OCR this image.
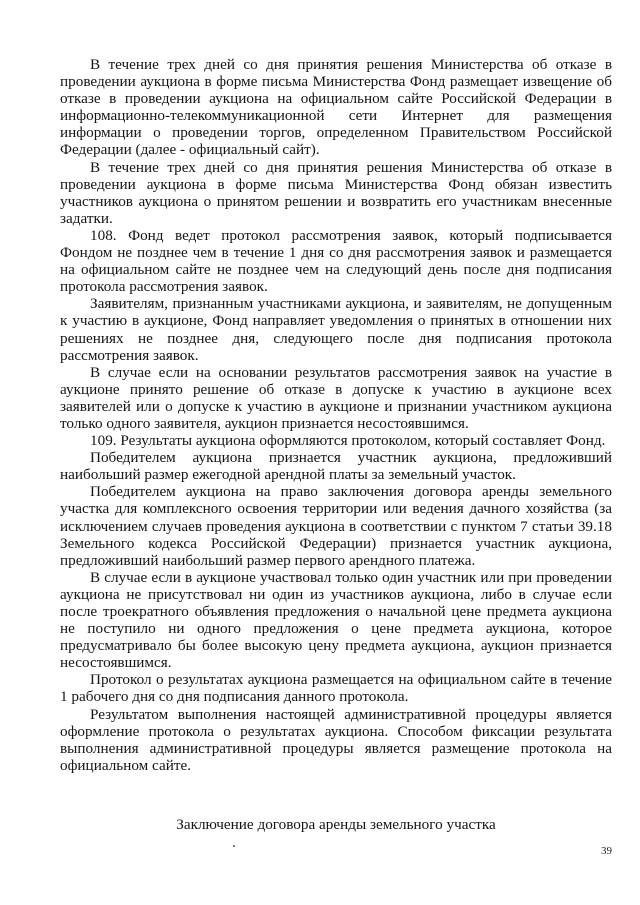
В течение трех дней со дня принятия решения Министерства об отказе в проведении аукциона в форме письма Министерства Фонд размещает извещение об отказе в проведении аукциона на официальном сайте Российской Федерации в информационно-телекоммуникационной сети Интернет для размещения информации о проведении торгов, определенном Правительством Российской Федерации (далее - официальный сайт).

В течение трех дней со дня принятия решения Министерства об отказе в проведении аукциона в форме письма Министерства Фонд обязан известить участников аукциона о принятом решении и возвратить его участникам внесенные задатки.

108. Фонд ведет протокол рассмотрения заявок, который подписывается Фондом не позднее чем в течение 1 дня со дня рассмотрения заявок и размещается на официальном сайте не позднее чем на следующий день после дня подписания протокола рассмотрения заявок.

Заявителям, признанным участниками аукциона, и заявителям, не допущенным к участию в аукционе, Фонд направляет уведомления о принятых в отношении них решениях не позднее дня, следующего после дня подписания протокола рассмотрения заявок.

В случае если на основании результатов рассмотрения заявок на участие в аукционе принято решение об отказе в допуске к участию в аукционе всех заявителей или о допуске к участию в аукционе и признании участником аукциона только одного заявителя, аукцион признается несостоявшимся.

109. Результаты аукциона оформляются протоколом, который составляет Фонд.

Победителем аукциона признается участник аукциона, предложивший наибольший размер ежегодной арендной платы за земельный участок.

Победителем аукциона на право заключения договора аренды земельного участка для комплексного освоения территории или ведения дачного хозяйства (за исключением случаев проведения аукциона в соответствии с пунктом 7 статьи 39.18 Земельного кодекса Российской Федерации) признается участник аукциона, предложивший наибольший размер первого арендного платежа.

В случае если в аукционе участвовал только один участник или при проведении аукциона не присутствовал ни один из участников аукциона, либо в случае если после троекратного объявления предложения о начальной цене предмета аукциона не поступило ни одного предложения о цене предмета аукциона, которое предусматривало бы более высокую цену предмета аукциона, аукцион признается несостоявшимся.

Протокол о результатах аукциона размещается на официальном сайте в течение 1 рабочего дня со дня подписания данного протокола.

Результатом выполнения настоящей административной процедуры является оформление протокола о результатах аукциона. Способом фиксации результата выполнения административной процедуры является размещение протокола на официальном сайте.

Заключение договора аренды земельного участка
39
